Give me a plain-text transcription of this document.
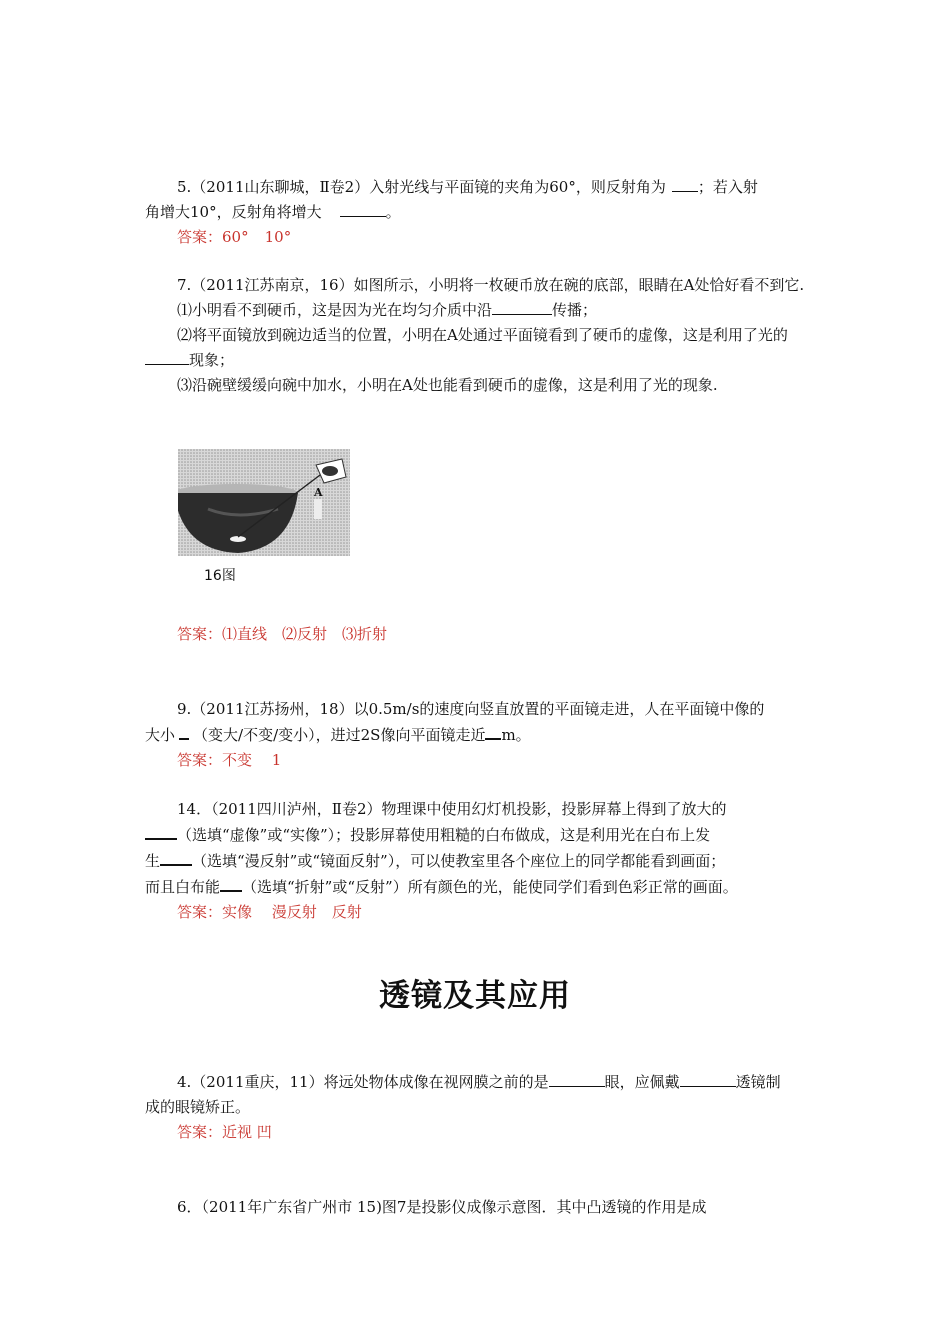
5.（2011山东聊城，Ⅱ卷2）入射光线与平面镜的夹角为60°，则反射角为 ；若入射

角增大10°，反射角将增大	。

答案：60° 10°

7.（2011江苏南京，16）如图所示，小明将一枚硬币放在碗的底部，眼睛在A处恰好看不到它.

⑴小明看不到硬币，这是因为光在均匀介质中沿	传播；

⑵将平面镜放到碗边适当的位置，小明在A处通过平面镜看到了硬币的虚像，这是利用了光的现象；

⑶沿碗壁缓缓向碗中加水，小明在A处也能看到硬币的虚像，这是利用了光的现象.

A
16图

答案：⑴直线　⑵反射　⑶折射

9.（2011江苏扬州，18）以0.5m/s的速度向竖直放置的平面镜走进，人在平面镜中像的

大小 （变大/不变/变小），进过2S像向平面镜走近 m。

答案：不变　 1

14．（2011四川泸州，Ⅱ卷2）物理课中使用幻灯机投影，投影屏幕上得到了放大的

（选填“虚像”或“实像”）；投影屏幕使用粗糙的白布做成，这是利用光在白布上发

生 （选填“漫反射”或“镜面反射”），可以使教室里各个座位上的同学都能看到画面；

而且白布能 （选填“折射”或“反射”）所有颜色的光，能使同学们看到色彩正常的画面。

答案：实像　 漫反射　反射

透镜及其应用

4.（2011重庆，11）将远处物体成像在视网膜之前的是	眼，应佩戴	透镜制

成的眼镜矫正。

答案：近视 凹

6．（2011年广东省广州市 15)图7是投影仪成像示意图．其中凸透镜的作用是成
